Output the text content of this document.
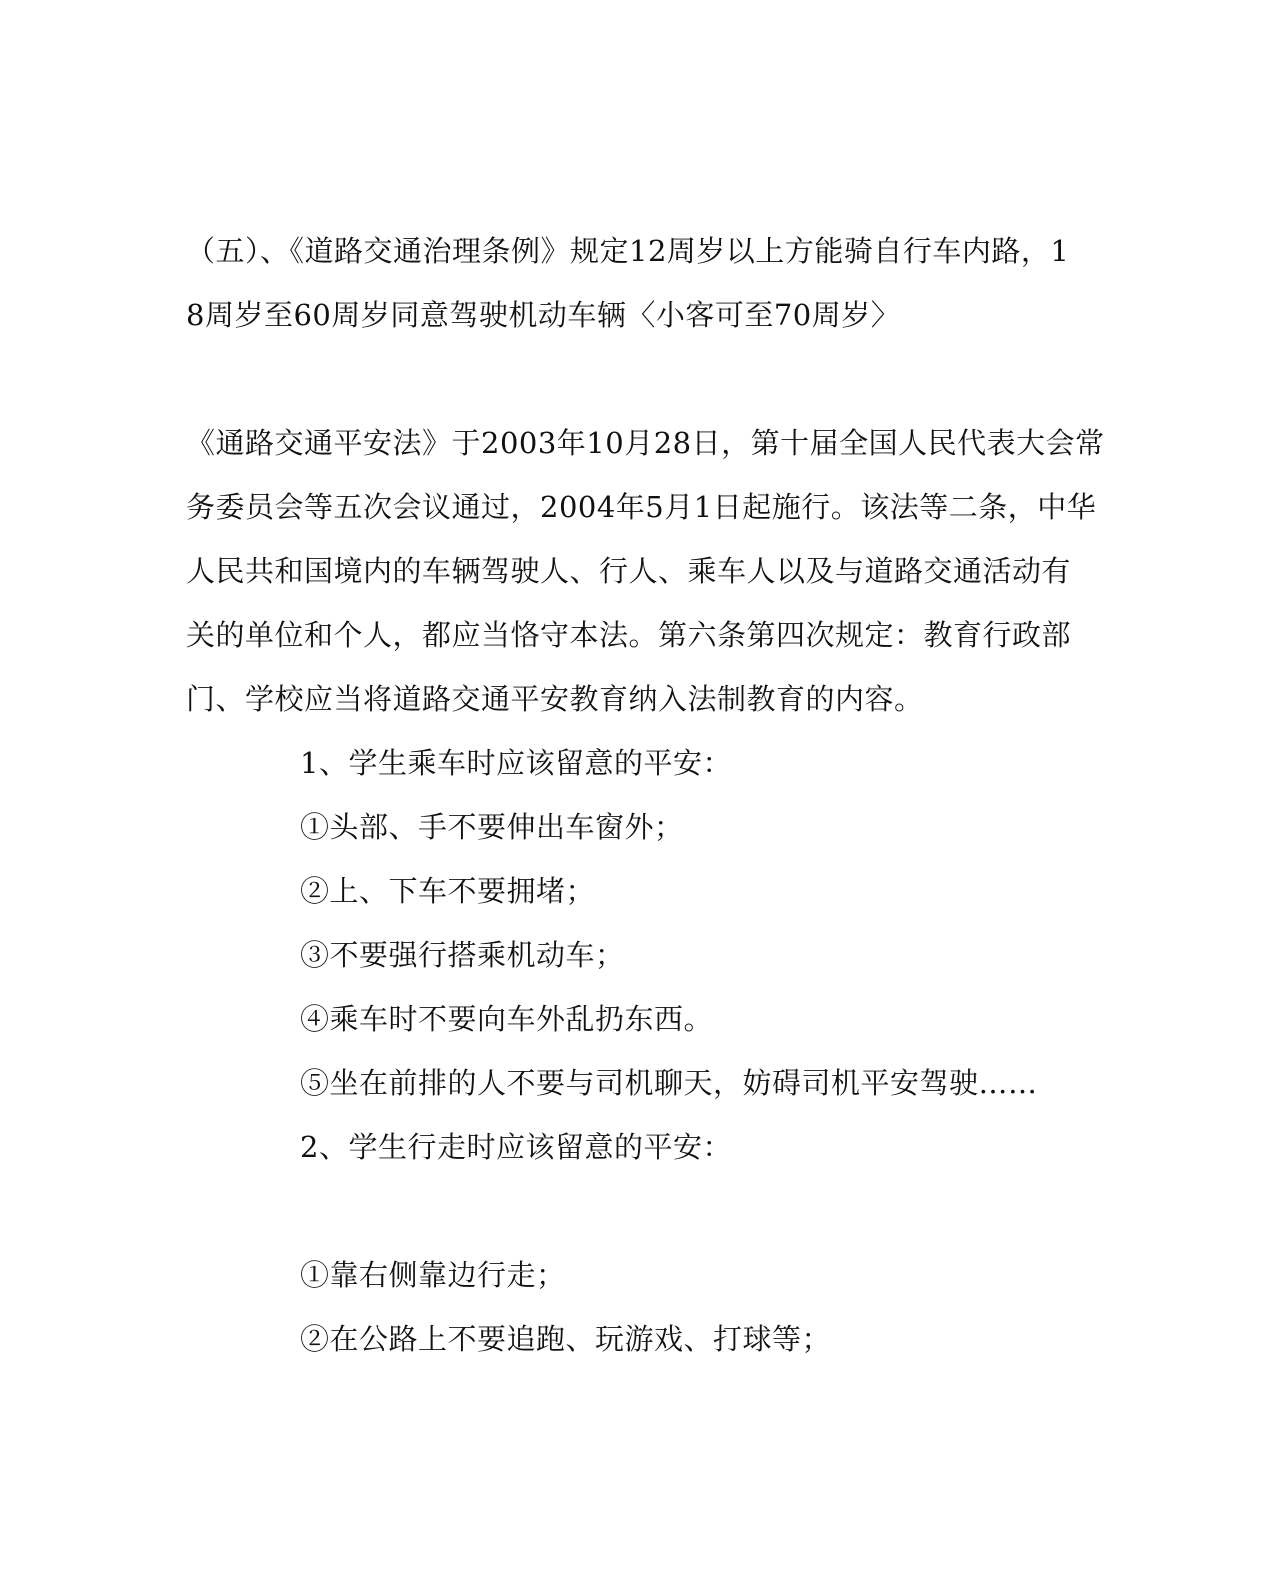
（五）、《道路交通治理条例》规定12周岁以上方能骑自行车内路，1
8周岁至60周岁同意驾驶机动车辆〈小客可至70周岁〉
《通路交通平安法》于2003年10月28日，第十届全国人民代表大会常
务委员会等五次会议通过，2004年5月1日起施行。该法等二条，中华
人民共和国境内的车辆驾驶人、行人、乘车人以及与道路交通活动有
关的单位和个人，都应当恪守本法。第六条第四次规定：教育行政部
门、学校应当将道路交通平安教育纳入法制教育的内容。
1、学生乘车时应该留意的平安：
①头部、手不要伸出车窗外；
②上、下车不要拥堵；
③不要强行搭乘机动车；
④乘车时不要向车外乱扔东西。
⑤坐在前排的人不要与司机聊天，妨碍司机平安驾驶……
2、学生行走时应该留意的平安：
①靠右侧靠边行走；
②在公路上不要追跑、玩游戏、打球等；
